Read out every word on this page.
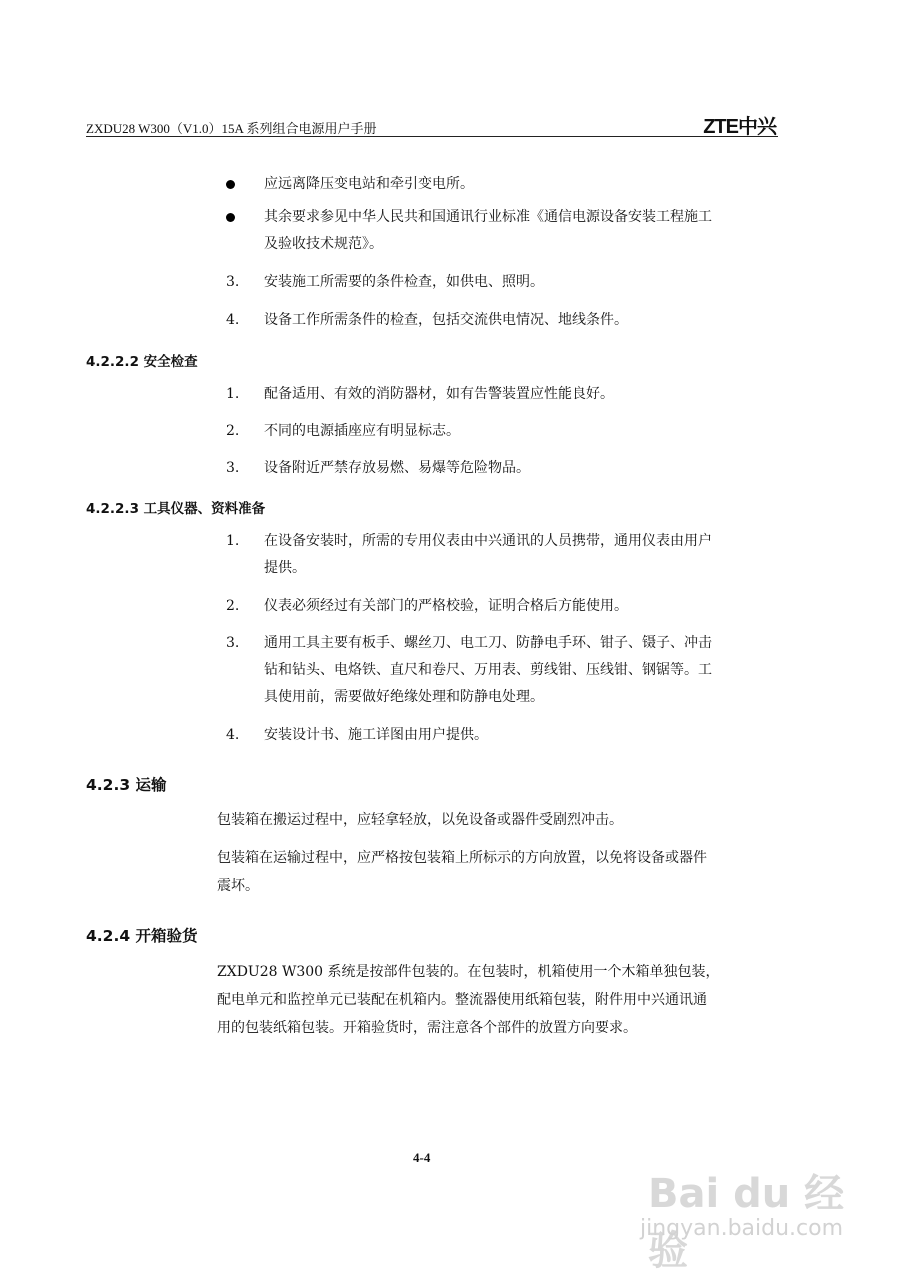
ZXDU28 W300（V1.0）15A 系列组合电源用户手册	ZTE中兴
应远离降压变电站和牵引变电所。
其余要求参见中华人民共和国通讯行业标准《通信电源设备安装工程施工
及验收技术规范》。
3. 安装施工所需要的条件检查，如供电、照明。
4. 设备工作所需条件的检查，包括交流供电情况、地线条件。
4.2.2.2 安全检查
1. 配备适用、有效的消防器材，如有告警装置应性能良好。
2. 不同的电源插座应有明显标志。
3. 设备附近严禁存放易燃、易爆等危险物品。
4.2.2.3 工具仪器、资料准备
1. 在设备安装时，所需的专用仪表由中兴通讯的人员携带，通用仪表由用户
提供。
2. 仪表必须经过有关部门的严格校验，证明合格后方能使用。
3. 通用工具主要有板手、螺丝刀、电工刀、防静电手环、钳子、镊子、冲击
钻和钻头、电烙铁、直尺和卷尺、万用表、剪线钳、压线钳、钢锯等。工
具使用前，需要做好绝缘处理和防静电处理。
4. 安装设计书、施工详图由用户提供。
4.2.3 运输
包装箱在搬运过程中，应轻拿轻放，以免设备或器件受剧烈冲击。
包装箱在运输过程中，应严格按包装箱上所标示的方向放置，以免将设备或器件
震坏。
4.2.4 开箱验货
ZXDU28 W300 系统是按部件包装的。在包装时，机箱使用一个木箱单独包装，
配电单元和监控单元已装配在机箱内。整流器使用纸箱包装，附件用中兴通讯通
用的包装纸箱包装。开箱验货时，需注意各个部件的放置方向要求。
4-4
Bai du 经验
jingyan.baidu.com
